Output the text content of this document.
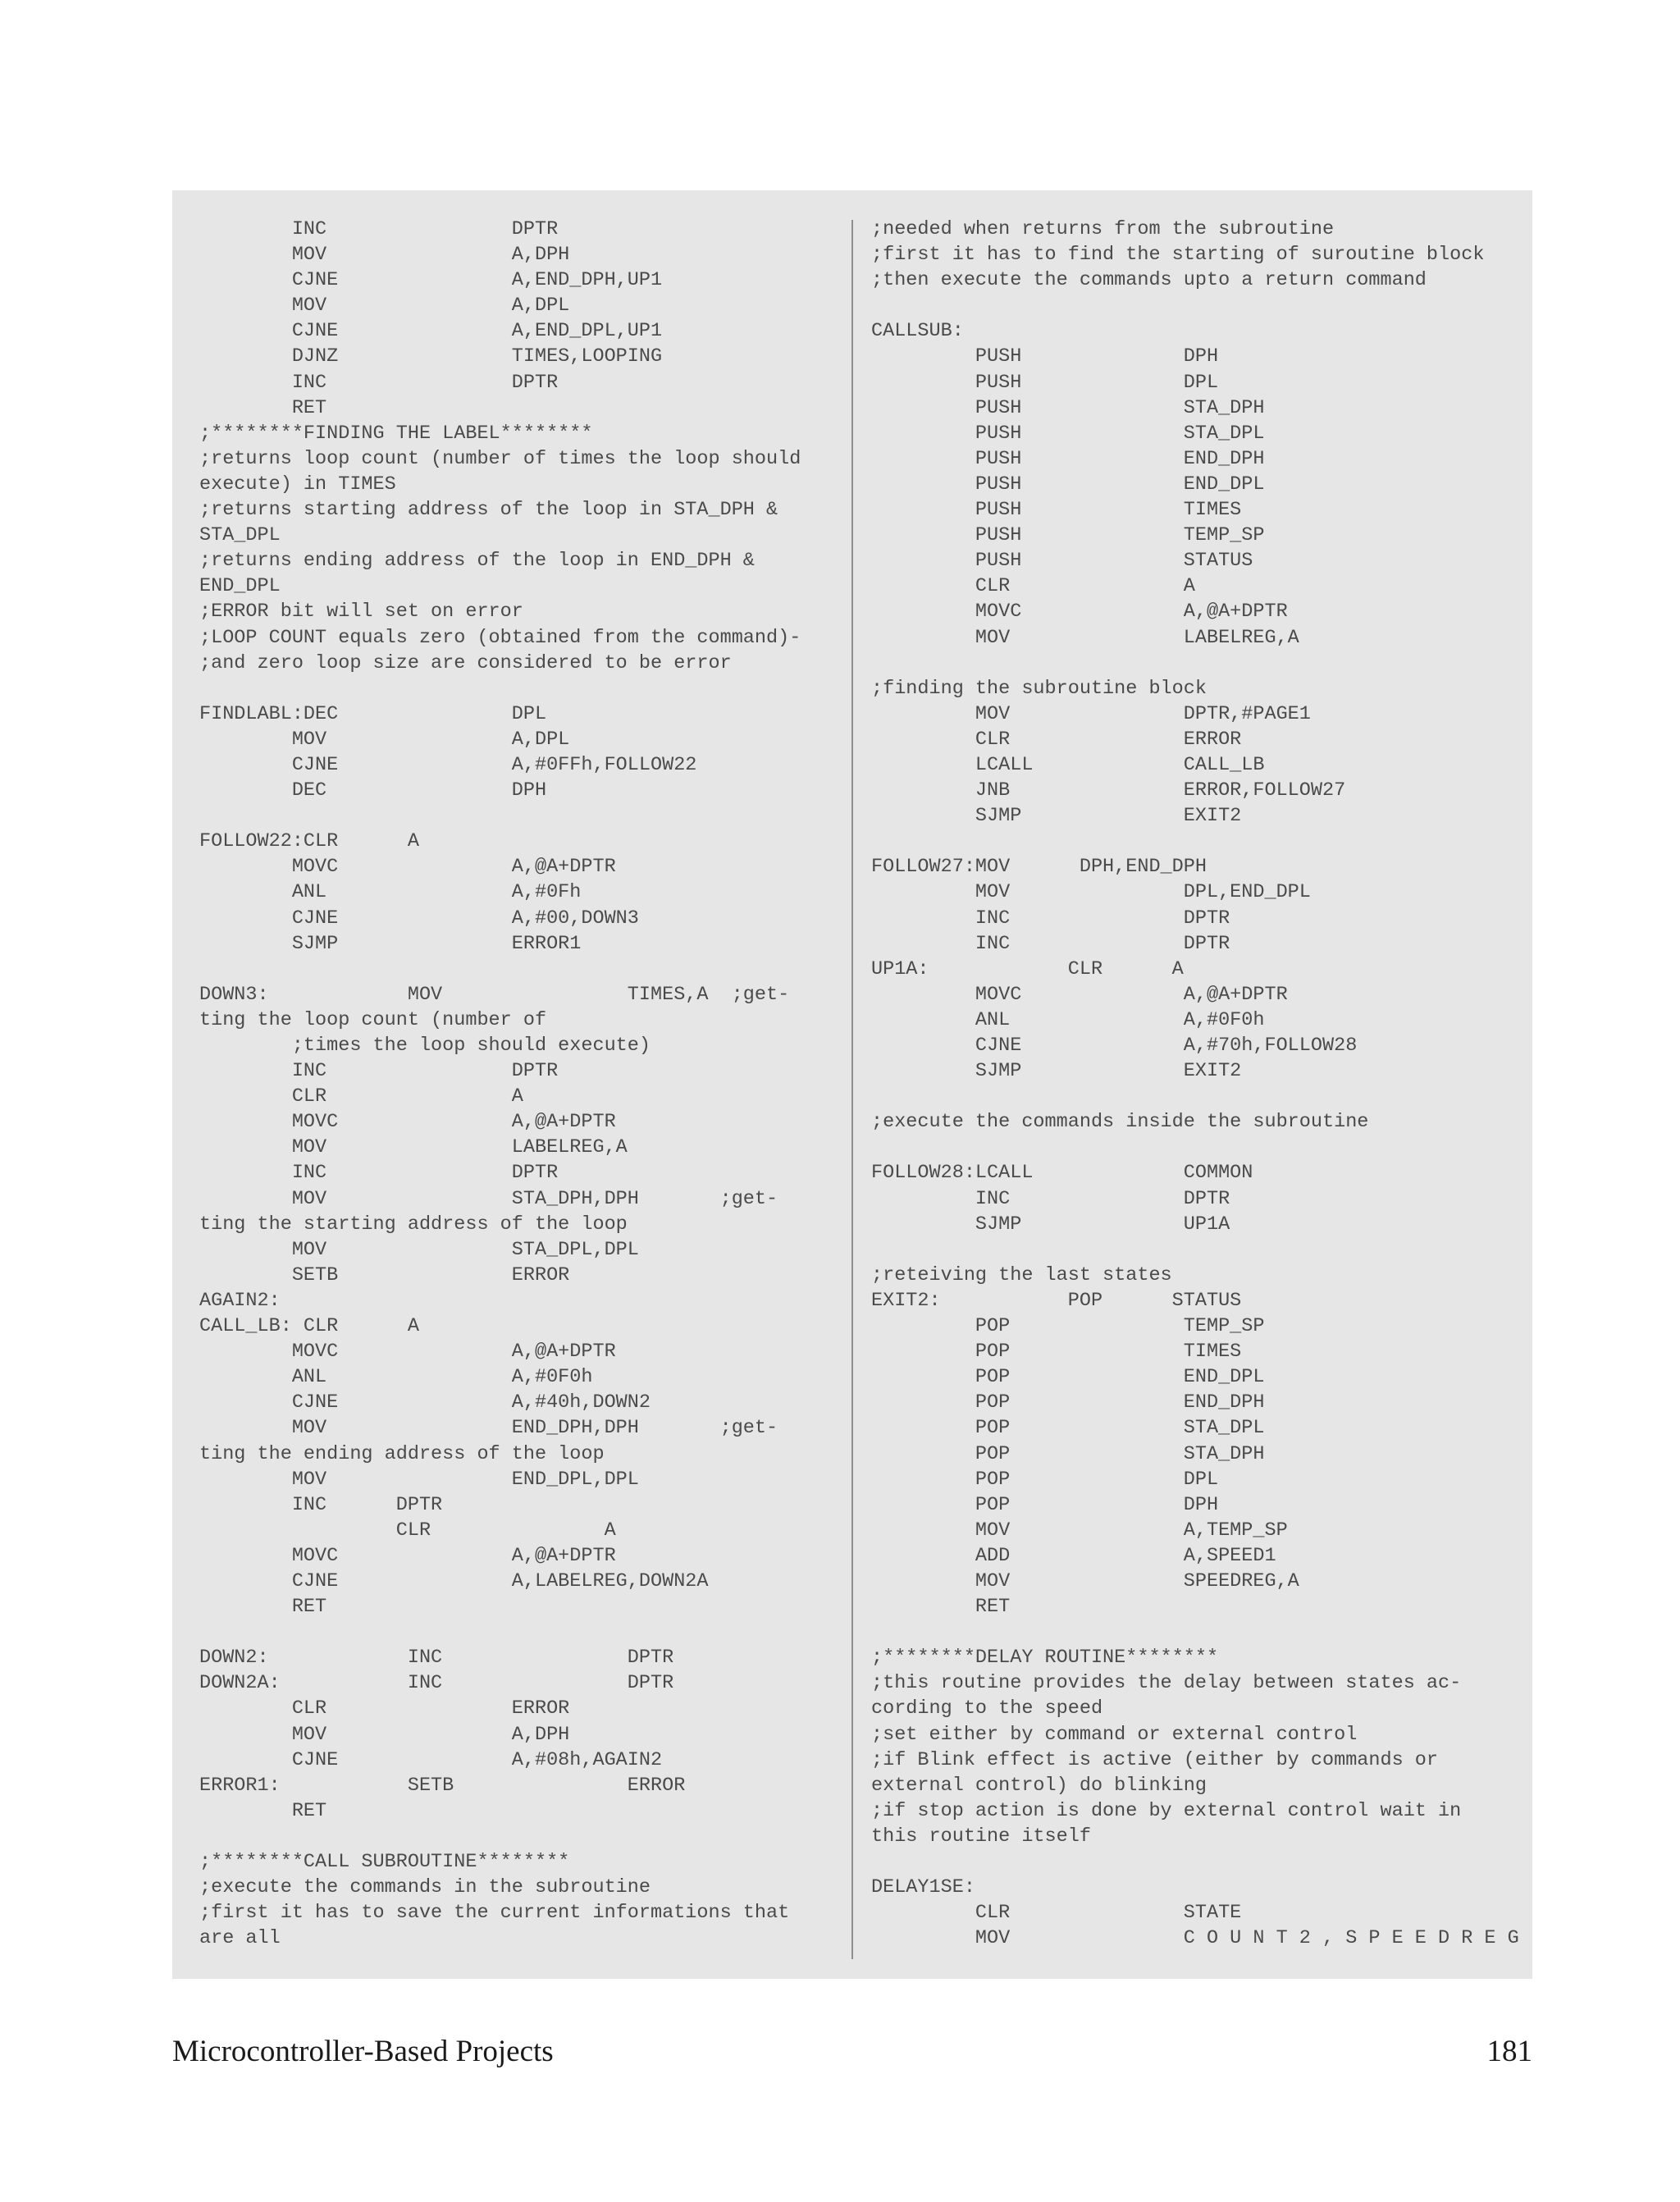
INC                DPTR
MOV                A,DPH
CJNE               A,END_DPH,UP1
MOV                A,DPL
CJNE               A,END_DPL,UP1
DJNZ               TIMES,LOOPING
INC                DPTR
RET
;********FINDING THE LABEL********
;returns loop count (number of times the loop should
execute) in TIMES
;returns starting address of the loop in STA_DPH &
STA_DPL
;returns ending address of the loop in END_DPH &
END_DPL
;ERROR bit will set on error
;LOOP COUNT equals zero (obtained from the command)-
;and zero loop size are considered to be error

FINDLABL:DEC               DPL
MOV                A,DPL
CJNE               A,#0FFh,FOLLOW22
DEC                DPH

FOLLOW22:CLR      A
MOVC               A,@A+DPTR
ANL                A,#0Fh
CJNE               A,#00,DOWN3
SJMP               ERROR1

DOWN3:            MOV                TIMES,A  ;get-
ting the loop count (number of
;times the loop should execute)
INC                DPTR
CLR                A
MOVC               A,@A+DPTR
MOV                LABELREG,A
INC                DPTR
MOV                STA_DPH,DPH       ;get-
ting the starting address of the loop
MOV                STA_DPL,DPL
SETB               ERROR
AGAIN2:
CALL_LB: CLR      A
MOVC               A,@A+DPTR
ANL                A,#0F0h
CJNE               A,#40h,DOWN2
MOV                END_DPH,DPH       ;get-
ting the ending address of the loop
MOV                END_DPL,DPL
INC      DPTR
CLR               A
MOVC               A,@A+DPTR
CJNE               A,LABELREG,DOWN2A
RET

DOWN2:            INC                DPTR
DOWN2A:           INC                DPTR
CLR                ERROR
MOV                A,DPH
CJNE               A,#08h,AGAIN2
ERROR1:           SETB               ERROR
RET

;********CALL SUBROUTINE********
;execute the commands in the subroutine
;first it has to save the current informations that
are all
;needed when returns from the subroutine
;first it has to find the starting of suroutine block
;then execute the commands upto a return command

CALLSUB:
PUSH              DPH
PUSH              DPL
PUSH              STA_DPH
PUSH              STA_DPL
PUSH              END_DPH
PUSH              END_DPL
PUSH              TIMES
PUSH              TEMP_SP
PUSH              STATUS
CLR               A
MOVC              A,@A+DPTR
MOV               LABELREG,A

;finding the subroutine block
MOV               DPTR,#PAGE1
CLR               ERROR
LCALL             CALL_LB
JNB               ERROR,FOLLOW27
SJMP              EXIT2

FOLLOW27:MOV      DPH,END_DPH
MOV               DPL,END_DPL
INC               DPTR
INC               DPTR
UP1A:            CLR      A
MOVC              A,@A+DPTR
ANL               A,#0F0h
CJNE              A,#70h,FOLLOW28
SJMP              EXIT2

;execute the commands inside the subroutine

FOLLOW28:LCALL             COMMON
INC               DPTR
SJMP              UP1A

;reteiving the last states
EXIT2:           POP      STATUS
POP               TEMP_SP
POP               TIMES
POP               END_DPL
POP               END_DPH
POP               STA_DPL
POP               STA_DPH
POP               DPL
POP               DPH
MOV               A,TEMP_SP
ADD               A,SPEED1
MOV               SPEEDREG,A
RET

;********DELAY ROUTINE********
;this routine provides the delay between states ac-
cording to the speed
;set either by command or external control
;if Blink effect is active (either by commands or
external control) do blinking
;if stop action is done by external control wait in
this routine itself

DELAY1SE:
CLR               STATE
MOV               C O U N T 2 , S P E E D R E G
Microcontroller-Based Projects	181
